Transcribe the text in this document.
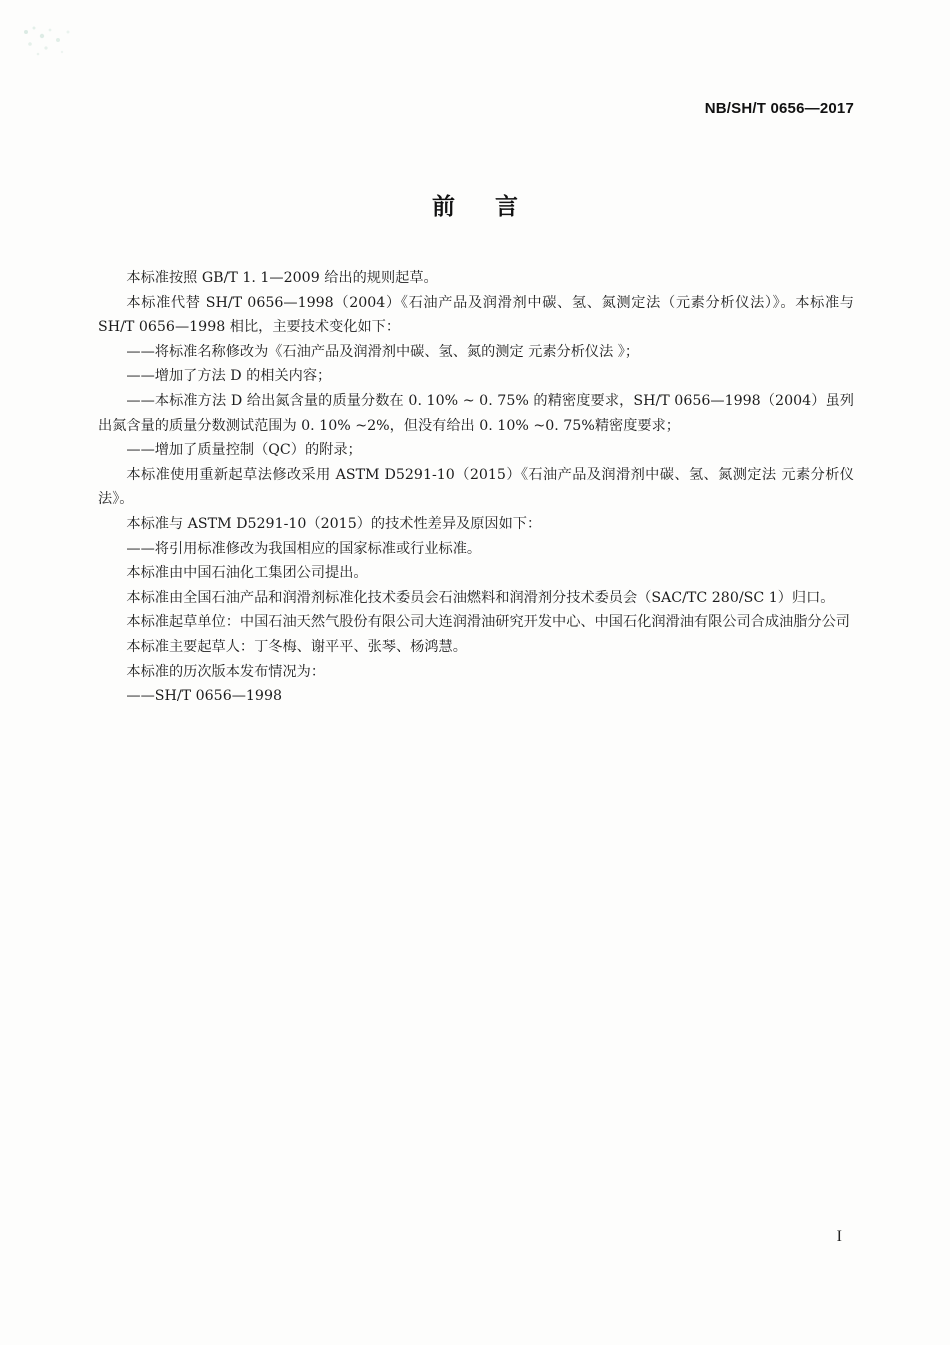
NB/SH/T 0656—2017
前言

本标准按照 GB/T 1. 1—2009 给出的规则起草。

本标准代替 SH/T 0656—1998（2004）《石油产品及润滑剂中碳、氢、氮测定法（元素分析仪法）》。本标准与 SH/T 0656—1998 相比，主要技术变化如下：

——将标准名称修改为《石油产品及润滑剂中碳、氢、氮的测定 元素分析仪法 》；

——增加了方法 D 的相关内容；

——本标准方法 D 给出氮含量的质量分数在 0. 10% ~ 0. 75% 的精密度要求，SH/T 0656—1998（2004）虽列出氮含量的质量分数测试范围为 0. 10% ~2%，但没有给出 0. 10% ~0. 75%精密度要求；

——增加了质量控制（QC）的附录；

本标准使用重新起草法修改采用 ASTM D5291-10（2015）《石油产品及润滑剂中碳、氢、氮测定法 元素分析仪法》。

本标准与 ASTM D5291-10（2015）的技术性差异及原因如下：

——将引用标准修改为我国相应的国家标准或行业标准。

本标准由中国石油化工集团公司提出。

本标准由全国石油产品和润滑剂标准化技术委员会石油燃料和润滑剂分技术委员会（SAC/TC 280/SC 1）归口。

本标准起草单位：中国石油天然气股份有限公司大连润滑油研究开发中心、中国石化润滑油有限公司合成油脂分公司

本标准主要起草人：丁冬梅、谢平平、张琴、杨鸿慧。

本标准的历次版本发布情况为：

——SH/T 0656—1998

I
